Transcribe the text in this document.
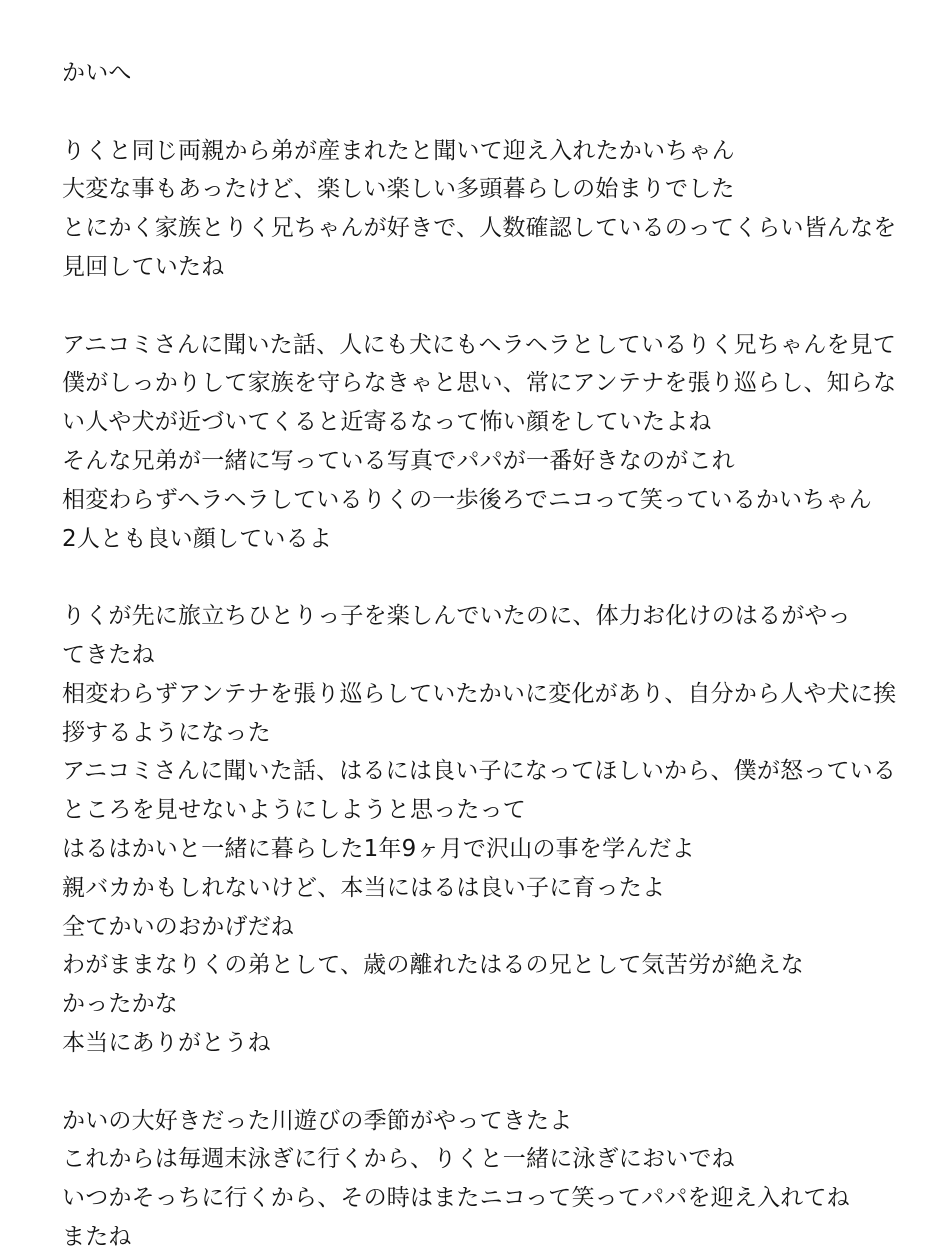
かいへ
りくと同じ両親から弟が産まれたと聞いて迎え入れたかいちゃん
大変な事もあったけど、楽しい楽しい多頭暮らしの始まりでした
とにかく家族とりく兄ちゃんが好きで、人数確認しているのってくらい皆んなを
見回していたね
アニコミさんに聞いた話、人にも犬にもヘラヘラとしているりく兄ちゃんを見て
僕がしっかりして家族を守らなきゃと思い、常にアンテナを張り巡らし、知らな
い人や犬が近づいてくると近寄るなって怖い顔をしていたよね
そんな兄弟が一緒に写っている写真でパパが一番好きなのがこれ
相変わらずヘラヘラしているりくの一歩後ろでニコって笑っているかいちゃん
2人とも良い顔しているよ
りくが先に旅立ちひとりっ子を楽しんでいたのに、体力お化けのはるがやっ
てきたね
相変わらずアンテナを張り巡らしていたかいに変化があり、自分から人や犬に挨
拶するようになった
アニコミさんに聞いた話、はるには良い子になってほしいから、僕が怒っている
ところを見せないようにしようと思ったって
はるはかいと一緒に暮らした1年9ヶ月で沢山の事を学んだよ
親バカかもしれないけど、本当にはるは良い子に育ったよ
全てかいのおかげだね
わがままなりくの弟として、歳の離れたはるの兄として気苦労が絶えな
かったかな
本当にありがとうね
かいの大好きだった川遊びの季節がやってきたよ
これからは毎週末泳ぎに行くから、りくと一緒に泳ぎにおいでね
いつかそっちに行くから、その時はまたニコって笑ってパパを迎え入れてね
またね
